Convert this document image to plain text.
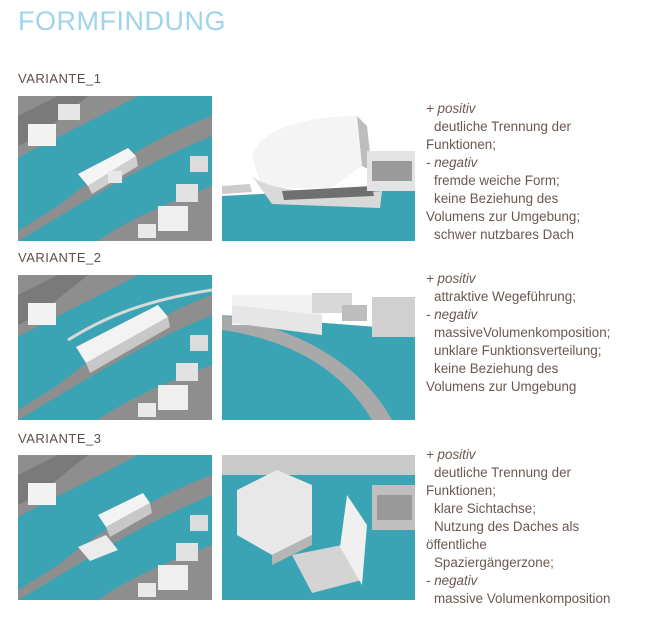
FORMFINDUNG
VARIANTE_1
+ positiv
deutliche Trennung der
Funktionen;
- negativ
fremde weiche Form;
keine Beziehung des
Volumens zur Umgebung;
schwer nutzbares Dach
VARIANTE_2
+ positiv
attraktive Wegeführung;
- negativ
massiveVolumenkomposition;
unklare Funktionsverteilung;
keine Beziehung des
Volumens zur Umgebung
VARIANTE_3
+ positiv
deutliche Trennung der
Funktionen;
klare Sichtachse;
Nutzung des Daches als
öffentliche
Spaziergängerzone;
- negativ
massive Volumenkomposition
